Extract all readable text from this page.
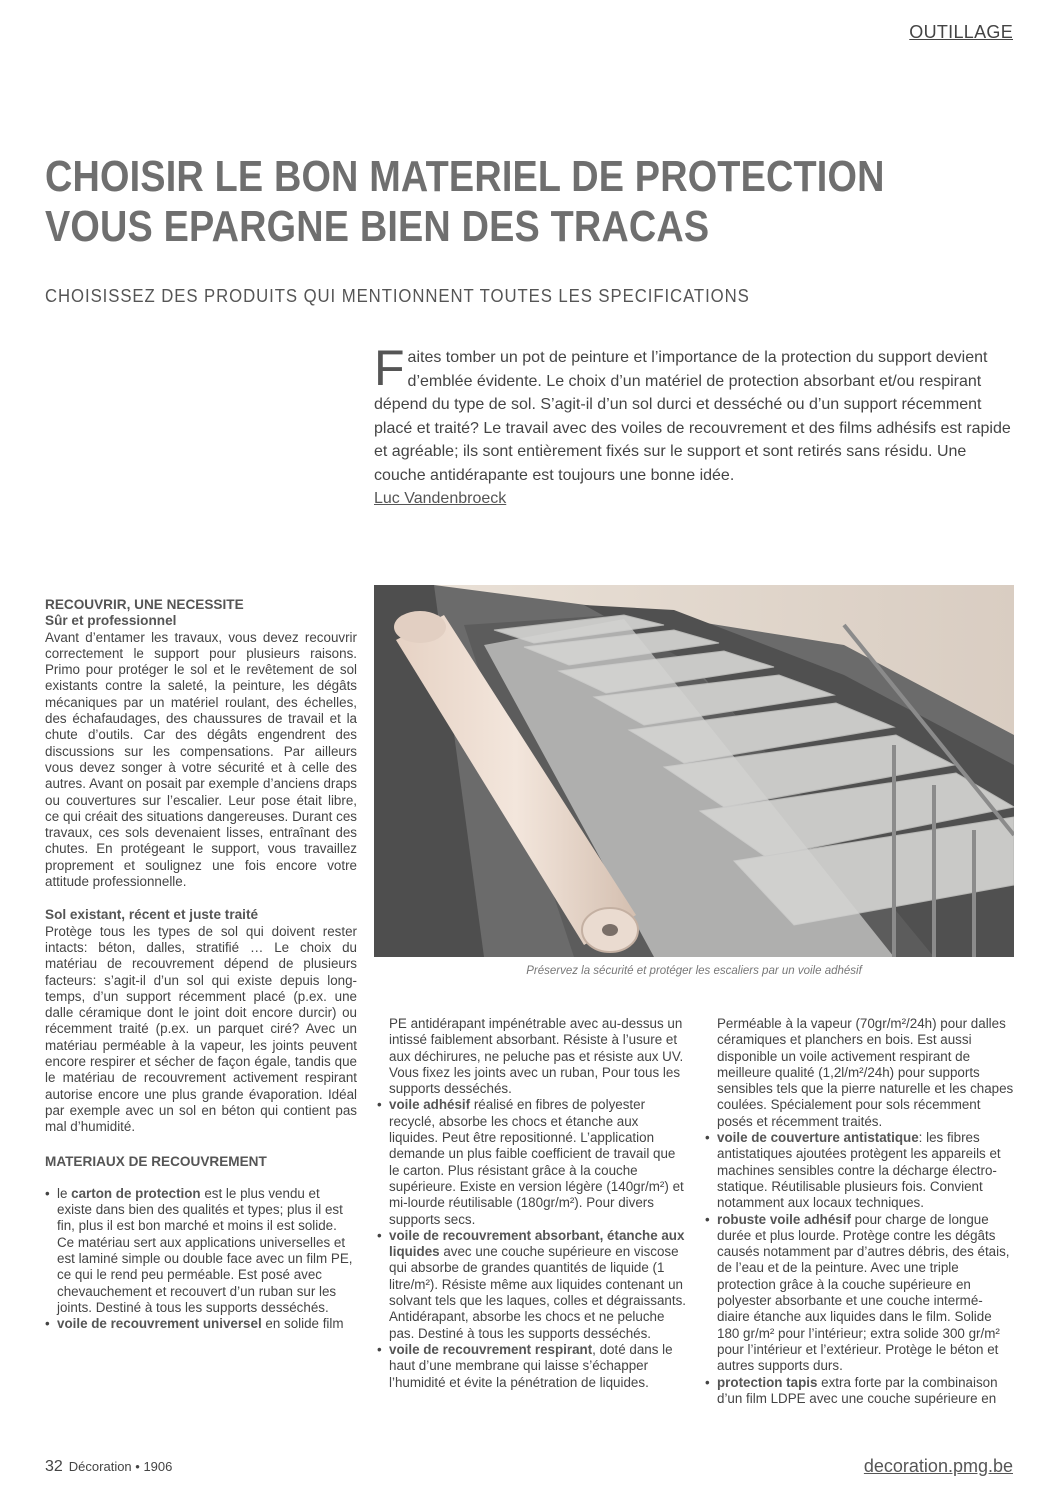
OUTILLAGE
CHOISIR LE BON MATERIEL DE PROTECTION
VOUS EPARGNE BIEN DES TRACAS
CHOISISSEZ DES PRODUITS QUI MENTIONNENT TOUTES LES SPECIFICATIONS
Faites tomber un pot de peinture et l’importance de la protection du support devient d’emblée évidente. Le choix d’un matériel de protection absorbant et/ou respirant dépend du type de sol. S’agit-il d’un sol durci et desséché ou d’un support récemment placé et traité? Le travail avec des voiles de recouvrement et des films adhésifs est rapide et agréable; ils sont entièrement fixés sur le support et sont retirés sans résidu. Une couche antidérapante est toujours une bonne idée.
Luc Vandenbroeck
Préservez la sécurité et protéger les escaliers par un voile adhésif

RECOUVRIR, UNE NECESSITE

Sûr et professionnel

Avant d’entamer les travaux, vous devez recouvrir correctement le support pour plusieurs raisons. Primo pour protéger le sol et le revêtement de sol existants contre la saleté, la peinture, les dégâts mécaniques par un matériel roulant, des échelles, des échafaudages, des chaussures de travail et la chute d’outils. Car des dégâts engendrent des discussions sur les compensations. Par ailleurs vous devez songer à votre sécurité et à celle des autres. Avant on posait par exemple d’anciens draps ou couvertures sur l’escalier. Leur pose était libre, ce qui créait des situations dangereuses. Durant ces travaux, ces sols devenaient lisses, entraînant des chutes. En protégeant le support, vous travaillez proprement et soulignez une fois encore votre attitude professionnelle.

Sol existant, récent et juste traité

Protège tous les types de sol qui doivent rester intacts: béton, dalles, stratifié … Le choix du matériau de recouvrement dépend de plusieurs facteurs: s’agit-il d’un sol qui existe depuis long-temps, d’un support récemment placé (p.ex. une dalle céramique dont le joint doit encore durcir) ou récemment traité (p.ex. un parquet ciré? Avec un matériau perméable à la vapeur, les joints peuvent encore respirer et sécher de façon égale, tandis que le matériau de recouvrement activement respirant autorise encore une plus grande évaporation. Idéal par exemple avec un sol en béton qui contient pas mal d’humidité.

MATERIAUX DE RECOUVREMENT

• le carton de protection est le plus vendu et existe dans bien des qualités et types; plus il est fin, plus il est bon marché et moins il est solide. Ce matériau sert aux applications universelles et est laminé simple ou double face avec un film PE, ce qui le rend peu perméable. Est posé avec chevauchement et recouvert d’un ruban sur les joints. Destiné à tous les supports desséchés.
• voile de recouvrement universel en solide film

PE antidérapant impénétrable avec au-dessus un intissé faiblement absorbant. Résiste à l’usure et aux déchirures, ne peluche pas et résiste aux UV. Vous fixez les joints avec un ruban, Pour tous les supports desséchés.

• voile adhésif réalisé en fibres de polyester recyclé, absorbe les chocs et étanche aux liquides. Peut être repositionné. L’application demande un plus faible coefficient de travail que le carton. Plus résistant grâce à la couche supérieure. Existe en version légère (140gr/m²) et mi-lourde réutilisable (180gr/m²). Pour divers supports secs.
• voile de recouvrement absorbant, étanche aux liquides avec une couche supérieure en viscose qui absorbe de grandes quantités de liquide (1 litre/m²). Résiste même aux liquides contenant un solvant tels que les laques, colles et dégraissants. Antidérapant, absorbe les chocs et ne peluche pas. Destiné à tous les supports desséchés.
• voile de recouvrement respirant, doté dans le haut d’une membrane qui laisse s’échapper l’humidité et évite la pénétration de liquides.

Perméable à la vapeur (70gr/m²/24h) pour dalles céramiques et planchers en bois. Est aussi disponible un voile activement respirant de meilleure qualité (1,2l/m²/24h) pour supports sensibles tels que la pierre naturelle et les chapes coulées. Spécialement pour sols récemment posés et récemment traités.

• voile de couverture antistatique: les fibres antistatiques ajoutées protègent les appareils et machines sensibles contre la décharge électro-statique. Réutilisable plusieurs fois. Convient notamment aux locaux techniques.
• robuste voile adhésif pour charge de longue durée et plus lourde. Protège contre les dégâts causés notamment par d’autres débris, des étais, de l’eau et de la peinture. Avec une triple protection grâce à la couche supérieure en polyester absorbante et une couche intermé-diaire étanche aux liquides dans le film. Solide 180 gr/m² pour l’intérieur; extra solide 300 gr/m² pour l’intérieur et l’extérieur. Protège le béton et autres supports durs.
• protection tapis extra forte par la combinaison d’un film LDPE avec une couche supérieure en
32 Décoration • 1906	decoration.pmg.be
